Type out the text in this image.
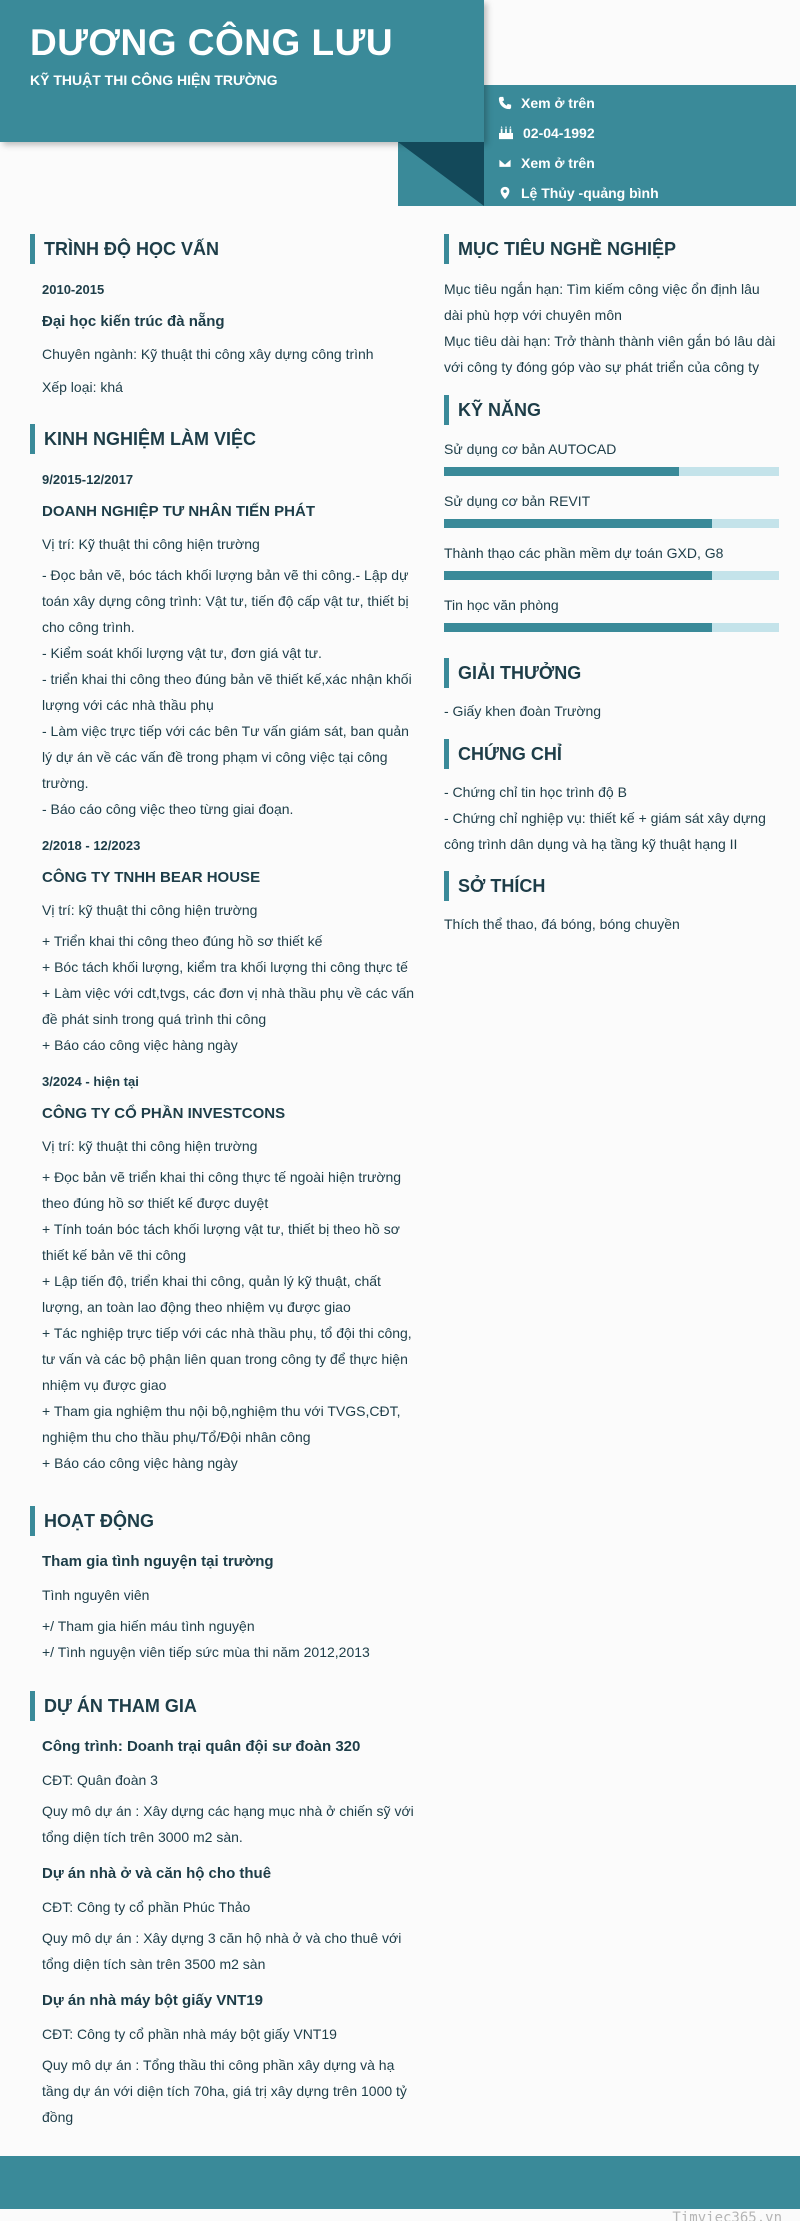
DƯƠNG CÔNG LƯU
KỸ THUẬT THI CÔNG HIỆN TRƯỜNG
Xem ở trên
02-04-1992
Xem ở trên
Lệ Thủy -quảng bình
TRÌNH ĐỘ HỌC VẤN
2010-2015
Đại học kiến trúc đà nẵng
Chuyên ngành: Kỹ thuật thi công xây dựng công trình
Xếp loại: khá
KINH NGHIỆM LÀM VIỆC
9/2015-12/2017
DOANH NGHIỆP TƯ NHÂN TIẾN PHÁT
Vị trí: Kỹ thuật thi công hiện trường
- Đọc bản vẽ, bóc tách khối lượng bản vẽ thi công.- Lập dự
toán xây dựng công trình: Vật tư, tiến độ cấp vật tư, thiết bị
cho công trình.
- Kiểm soát khối lượng vật tư, đơn giá vật tư.
- triển khai thi công theo đúng bản vẽ thiết kế,xác nhận khối
lượng với các nhà thầu phụ
- Làm việc trực tiếp với các bên Tư vấn giám sát, ban quản
lý dự án về các vấn đề trong phạm vi công việc tại công
trường.
- Báo cáo công việc theo từng giai đoạn.
2/2018 - 12/2023
CÔNG TY TNHH BEAR HOUSE
Vị trí: kỹ thuật thi công hiện trường
+ Triển khai thi công theo đúng hồ sơ thiết kế
+ Bóc tách khối lượng, kiểm tra khối lượng thi công thực tế
+ Làm việc với cdt,tvgs, các đơn vị nhà thầu phụ về các vấn
đề phát sinh trong quá trình thi công
+ Báo cáo công việc hàng ngày
3/2024 - hiện tại
CÔNG TY CỔ PHẦN INVESTCONS
Vị trí: kỹ thuật thi công hiện trường
+ Đọc bản vẽ triển khai thi công thực tế ngoài hiện trường
theo đúng hồ sơ thiết kế được duyệt
+ Tính toán bóc tách khối lượng vật tư, thiết bị theo hồ sơ
thiết kế bản vẽ thi công
+ Lập tiến độ, triển khai thi công, quản lý kỹ thuật, chất
lượng, an toàn lao động theo nhiệm vụ được giao
+ Tác nghiệp trực tiếp với các nhà thầu phụ, tổ đội thi công,
tư vấn và các bộ phận liên quan trong công ty để thực hiện
nhiệm vụ được giao
+ Tham gia nghiệm thu nội bộ,nghiệm thu với TVGS,CĐT,
nghiệm thu cho thầu phụ/Tổ/Đội nhân công
+ Báo cáo công việc hàng ngày
HOẠT ĐỘNG
Tham gia tình nguyện tại trường
Tình nguyên viên
+/ Tham gia hiến máu tình nguyện
+/ Tình nguyện viên tiếp sức mùa thi năm 2012,2013
DỰ ÁN THAM GIA
Công trình: Doanh trại quân đội sư đoàn 320
CĐT: Quân đoàn 3
Quy mô dự án : Xây dựng các hạng mục nhà ở chiến sỹ với
tổng diện tích trên 3000 m2 sàn.
Dự án nhà ở và căn hộ cho thuê
CĐT: Công ty cổ phần Phúc Thảo
Quy mô dự án : Xây dựng 3 căn hộ nhà ở và cho thuê với
tổng diện tích sàn trên 3500 m2 sàn
Dự án nhà máy bột giấy VNT19
CĐT: Công ty cổ phần nhà máy bột giấy VNT19
Quy mô dự án : Tổng thầu thi công phần xây dựng và hạ
tầng dự án với diện tích 70ha, giá trị xây dựng trên 1000 tỷ
đồng
MỤC TIÊU NGHỀ NGHIỆP
Mục tiêu ngắn hạn: Tìm kiếm công việc ổn định lâu
dài phù hợp với chuyên môn
Mục tiêu dài hạn: Trở thành thành viên gắn bó lâu dài
với công ty đóng góp vào sự phát triển của công ty
KỸ NĂNG
Sử dụng cơ bản AUTOCAD
Sử dụng cơ bản REVIT
Thành thạo các phần mềm dự toán GXD, G8
Tin học văn phòng
GIẢI THƯỞNG
- Giấy khen đoàn Trường
CHỨNG CHỈ
- Chứng chỉ tin học trình độ B
- Chứng chỉ nghiệp vụ: thiết kế + giám sát xây dựng
công trình dân dụng và hạ tầng kỹ thuật hạng II
SỞ THÍCH
Thích thể thao, đá bóng, bóng chuyền
Timviec365.vn
